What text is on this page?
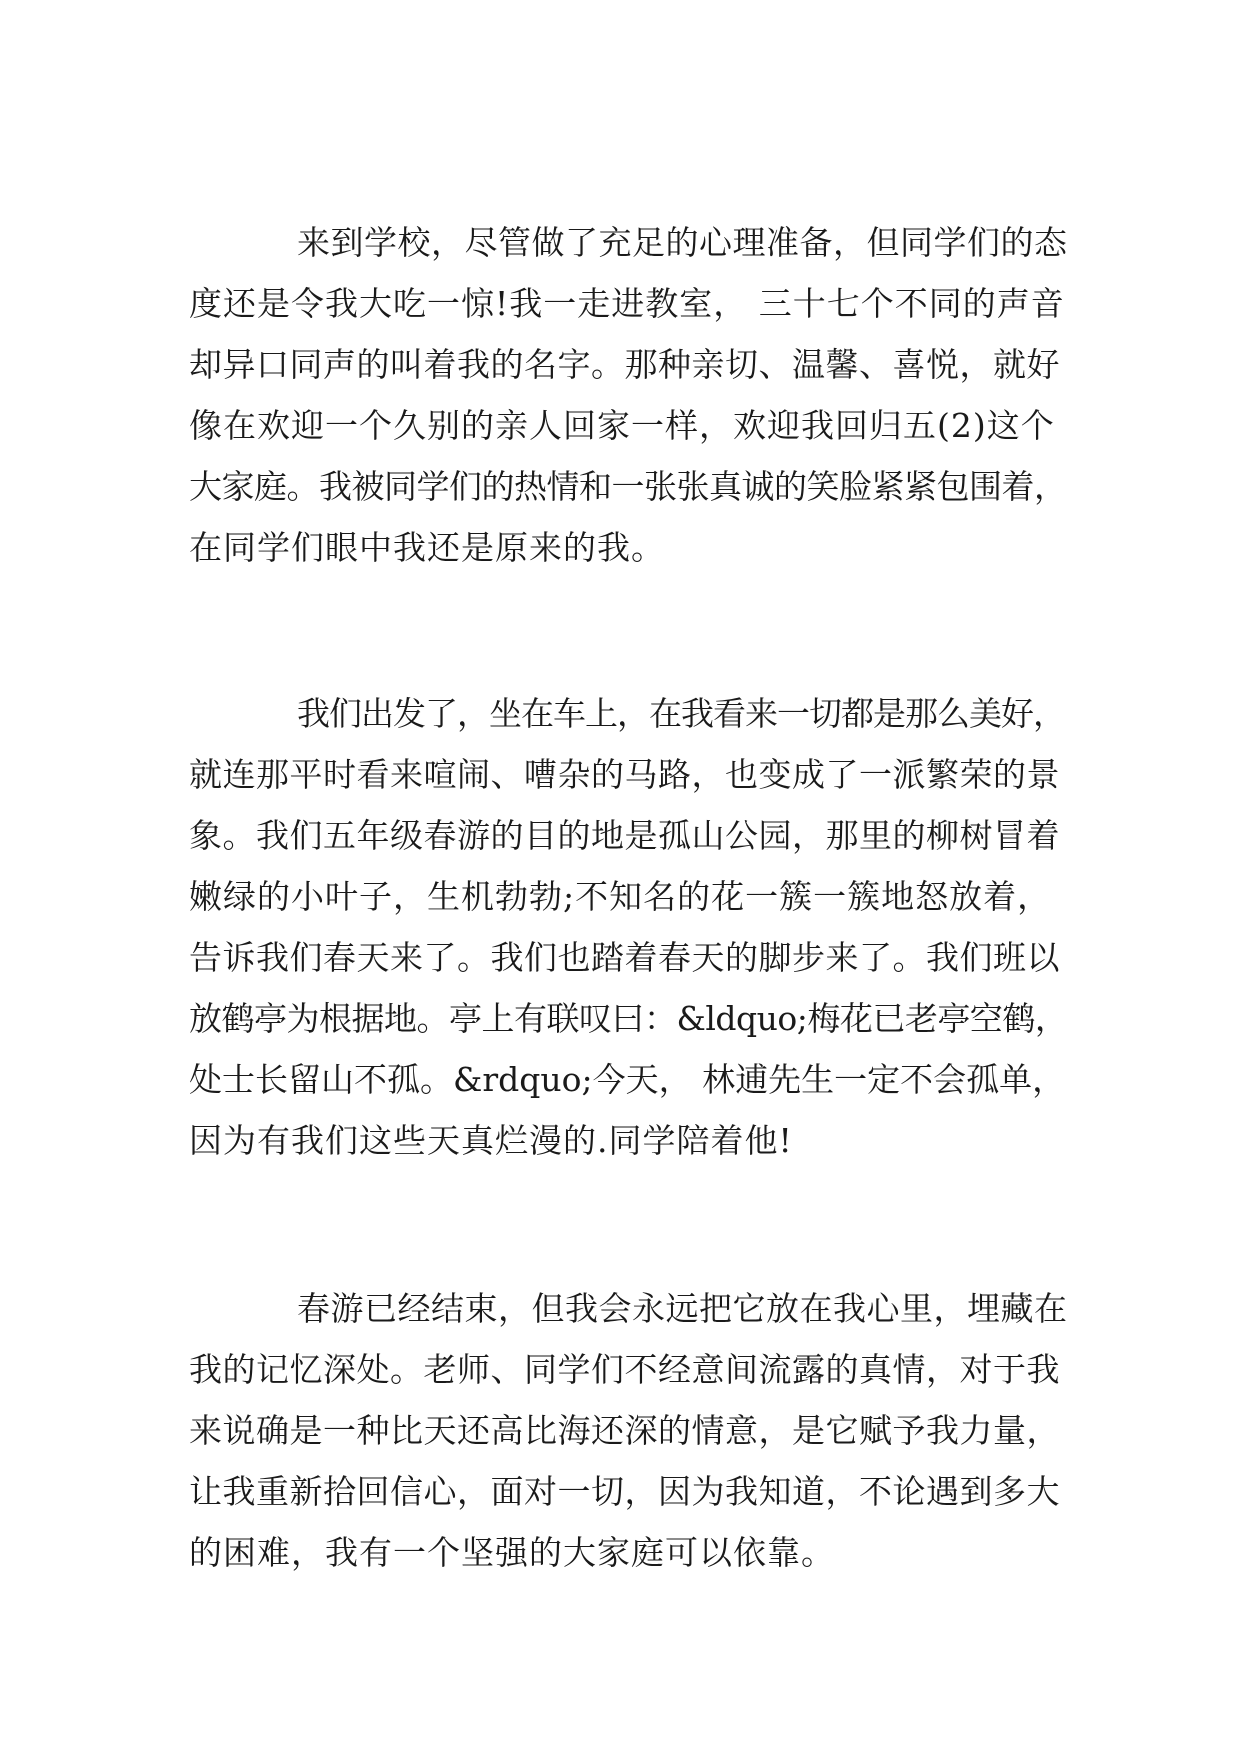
来到学校，尽管做了充足的心理准备，但同学们的态
度还是令我大吃一惊!我一走进教室， 三十七个不同的声音
却异口同声的叫着我的名字。那种亲切、温馨、喜悦，就好
像在欢迎一个久别的亲人回家一样，欢迎我回归五(2)这个
大家庭。我被同学们的热情和一张张真诚的笑脸紧紧包围着，
在同学们眼中我还是原来的我。
我们出发了，坐在车上，在我看来一切都是那么美好，
就连那平时看来喧闹、嘈杂的马路，也变成了一派繁荣的景
象。我们五年级春游的目的地是孤山公园，那里的柳树冒着
嫩绿的小叶子，生机勃勃;不知名的花一簇一簇地怒放着，
告诉我们春天来了。我们也踏着春天的脚步来了。我们班以
放鹤亭为根据地。亭上有联叹曰：&ldquo;梅花已老亭空鹤，
处士长留山不孤。&rdquo;今天， 林逋先生一定不会孤单，
因为有我们这些天真烂漫的.同学陪着他!
春游已经结束，但我会永远把它放在我心里，埋藏在
我的记忆深处。老师、同学们不经意间流露的真情，对于我
来说确是一种比天还高比海还深的情意，是它赋予我力量，
让我重新拾回信心，面对一切，因为我知道，不论遇到多大
的困难，我有一个坚强的大家庭可以依靠。
